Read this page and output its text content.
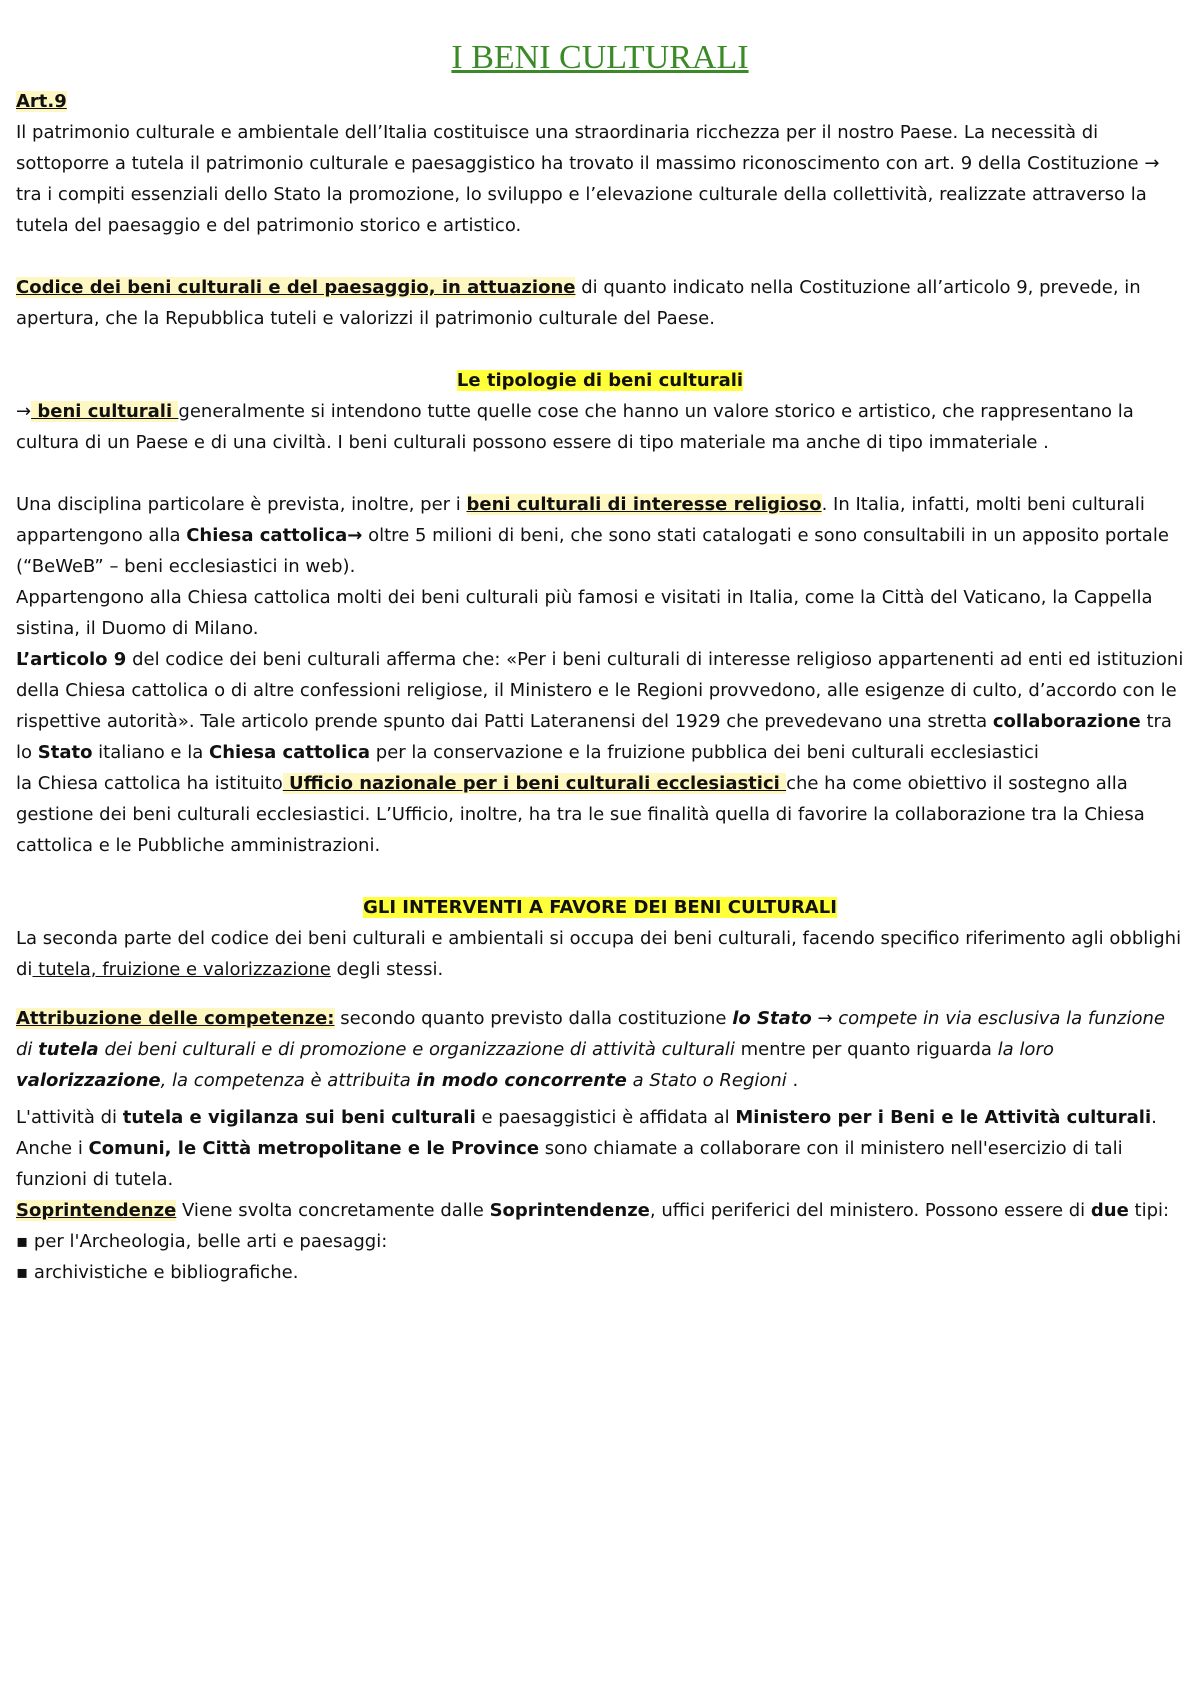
I BENI CULTURALI

Art.9

Il patrimonio culturale e ambientale dell’Italia costituisce una straordinaria ricchezza per il nostro Paese. La necessità di sottoporre a tutela il patrimonio culturale e paesaggistico ha trovato il massimo riconoscimento con art. 9 della Costituzione → tra i compiti essenziali dello Stato la promozione, lo sviluppo e l’elevazione culturale della collettività, realizzate attraverso la tutela del paesaggio e del patrimonio storico e artistico.

Codice dei beni culturali e del paesaggio, in attuazione di quanto indicato nella Costituzione all’articolo 9, prevede, in apertura, che la Repubblica tuteli e valorizzi il patrimonio culturale del Paese.

Le tipologie di beni culturali

→ beni culturali generalmente si intendono tutte quelle cose che hanno un valore storico e artistico, che rappresentano la cultura di un Paese e di una civiltà. I beni culturali possono essere di tipo materiale ma anche di tipo immateriale .

Una disciplina particolare è prevista, inoltre, per i beni culturali di interesse religioso. In Italia, infatti, molti beni culturali appartengono alla Chiesa cattolica→ oltre 5 milioni di beni, che sono stati catalogati e sono consultabili in un apposito portale (“BeWeB” – beni ecclesiastici in web).

Appartengono alla Chiesa cattolica molti dei beni culturali più famosi e visitati in Italia, come la Città del Vaticano, la Cappella sistina, il Duomo di Milano.

L’articolo 9 del codice dei beni culturali afferma che: «Per i beni culturali di interesse religioso appartenenti ad enti ed istituzioni della Chiesa cattolica o di altre confessioni religiose, il Ministero e le Regioni provvedono, alle esigenze di culto, d’accordo con le rispettive autorità». Tale articolo prende spunto dai Patti Lateranensi del 1929 che prevedevano una stretta collaborazione tra lo Stato italiano e la Chiesa cattolica per la conservazione e la fruizione pubblica dei beni culturali ecclesiastici

la Chiesa cattolica ha istituito Ufficio nazionale per i beni culturali ecclesiastici che ha come obiettivo il sostegno alla gestione dei beni culturali ecclesiastici. L’Ufficio, inoltre, ha tra le sue finalità quella di favorire la collaborazione tra la Chiesa cattolica e le Pubbliche amministrazioni.

GLI INTERVENTI A FAVORE DEI BENI CULTURALI

La seconda parte del codice dei beni culturali e ambientali si occupa dei beni culturali, facendo specifico riferimento agli obblighi di tutela, fruizione e valorizzazione degli stessi.

Attribuzione delle competenze: secondo quanto previsto dalla costituzione lo Stato → compete in via esclusiva la funzione di tutela dei beni culturali e di promozione e organizzazione di attività culturali mentre per quanto riguarda la loro valorizzazione, la competenza è attribuita in modo concorrente a Stato o Regioni .

L'attività di tutela e vigilanza sui beni culturali e paesaggistici è affidata al Ministero per i Beni e le Attività culturali. Anche i Comuni, le Città metropolitane e le Province sono chiamate a collaborare con il ministero nell'esercizio di tali funzioni di tutela.

Soprintendenze Viene svolta concretamente dalle Soprintendenze, uffici periferici del ministero. Possono essere di due tipi:

▪ per l'Archeologia, belle arti e paesaggi:

▪ archivistiche e bibliografiche.
